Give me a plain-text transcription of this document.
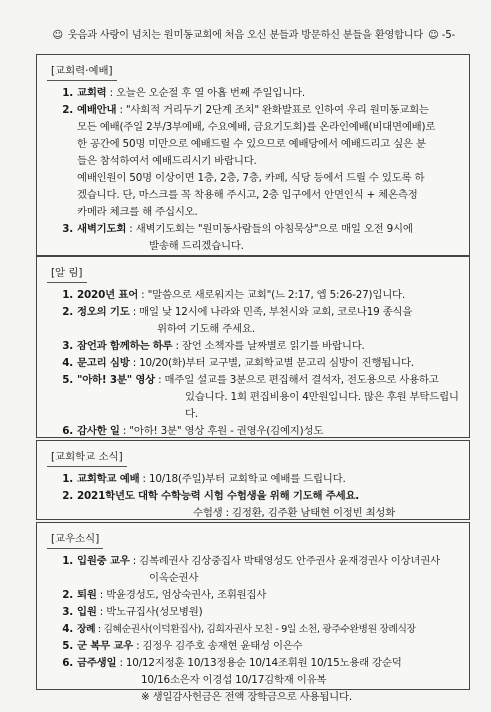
☺ 웃음과 사랑이 넘치는 원미동교회에 처음 오신 분들과 방문하신 분들을 환영합니다 ☺ -5-
[교회력·예배]
1. 교회력 : 오늘은 오순절 후 열 아홉 번째 주일입니다.
2. 예배안내 : "사회적 거리두기 2단계 조치" 완화발표로 인하여 우리 원미동교회는
모든 예배(주일 2부/3부예배, 수요예배, 금요기도회)를 온라인예배(비대면예배)로
한 공간에 50명 미만으로 예배드릴 수 있으므로 예배당에서 예배드리고 싶은 분
들은 참석하여서 예배드리시기 바랍니다.
예배인원이 50명 이상이면 1층, 2층, 7층, 카페, 식당 등에서 드릴 수 있도록 하
겠습니다. 단, 마스크를 꼭 착용해 주시고, 2층 입구에서 안면인식 + 체온측정
카메라 체크를 해 주십시오.
3. 새벽기도회 : 새벽기도회는 "원미동사람들의 아침묵상"으로 매일 오전 9시에
발송해 드리겠습니다.
[알 림]
1. 2020년 표어 : "말씀으로 새로워지는 교회"(느 2:17, 엡 5:26-27)입니다.
2. 정오의 기도 : 매일 낮 12시에 나라와 민족, 부천시와 교회, 코로나19 종식을
위하여 기도해 주세요.
3. 잠언과 함께하는 하루 : 잠언 소책자를 날짜별로 읽기를 바랍니다.
4. 문고리 심방 : 10/20(화)부터 교구별, 교회학교별 문고리 심방이 진행됩니다.
5. "아하! 3분" 영상 : 매주일 설교를 3분으로 편집해서 결석자, 전도용으로 사용하고
있습니다. 1회 편집비용이 4만원입니다. 많은 후원 부탁드립니다.
6. 감사한 일 : "아하! 3분" 영상 후원 - 권영우(김예지)성도
[교회학교 소식]
1. 교회학교 예배 : 10/18(주일)부터 교회학교 예배를 드립니다.
2. 2021학년도 대학 수학능력 시험 수험생을 위해 기도해 주세요.
수험생 : 김정환, 김주환 남태현 이정빈 최성화
[교우소식]
1. 입원중 교우 : 김복례권사 김상중집사 박태영성도 안주권사 윤재경권사 이상녀권사
이옥순권사
2. 퇴원 : 박윤경성도, 엄상숙권사, 조휘원집사
3. 입원 : 박노규집사(성모병원)
4. 장례 : 김혜순권사(이덕환집사), 김희자권사 모친 - 9일 소천, 광주수완병원 장례식장
5. 군 복무 교우 : 김정우 김주호 송재현 윤태성 이은수
6. 금주생일 : 10/12지정훈 10/13정용순 10/14조휘원 10/15노용래 강순덕
10/16소은자 이경섭 10/17김학재 이유복
※ 생일감사헌금은 전액 장학금으로 사용됩니다.
